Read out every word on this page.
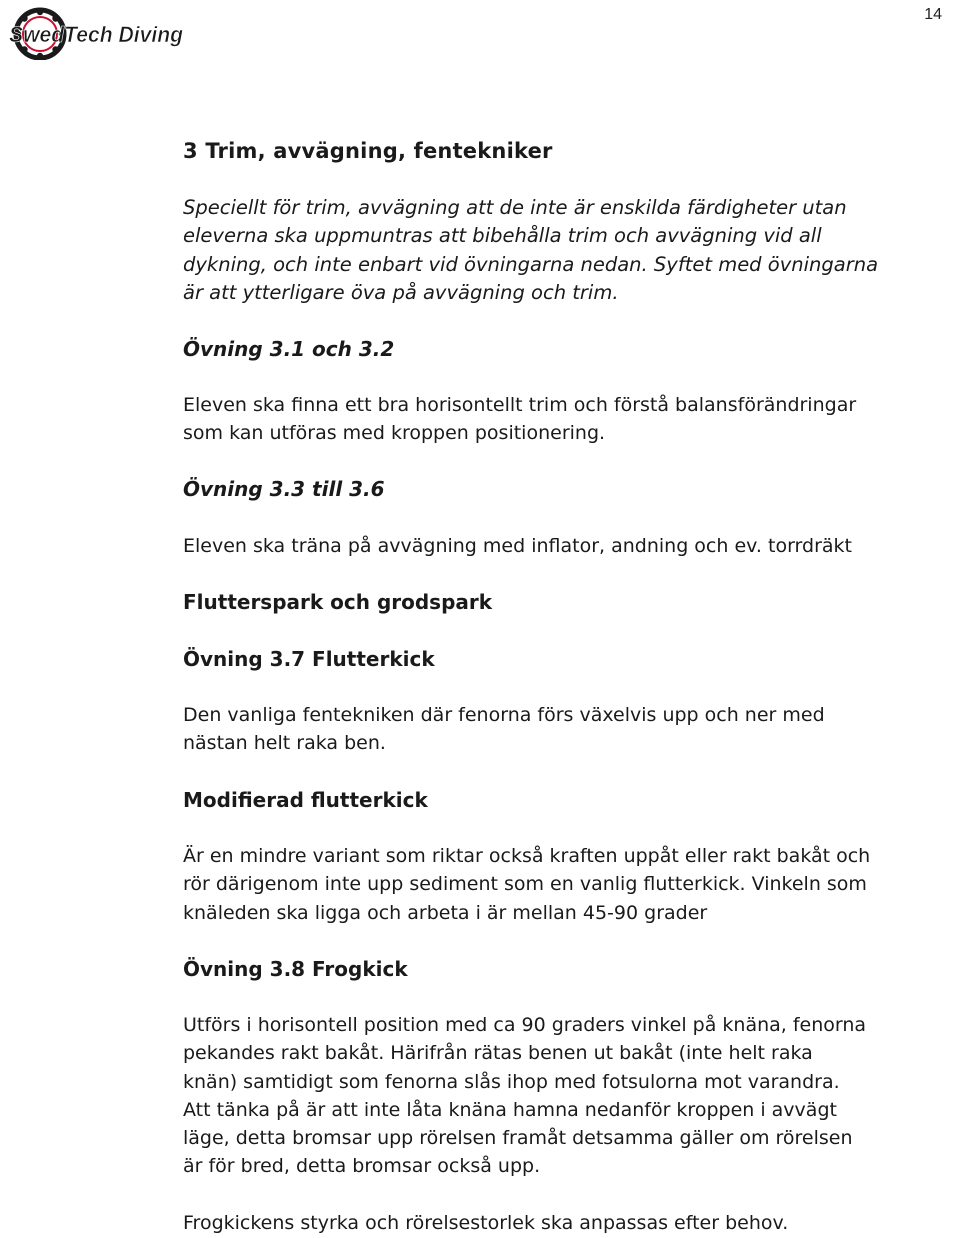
SwedTech Diving
14
3 Trim, avvägning, fentekniker
Speciellt för trim, avvägning att de inte är enskilda färdigheter utan
eleverna ska uppmuntras att bibehålla trim och avvägning vid all
dykning, och inte enbart vid övningarna nedan. Syftet med övningarna
är att ytterligare öva på avvägning och trim.
Övning 3.1 och 3.2
Eleven ska finna ett bra horisontellt trim och förstå balansförändringar
som kan utföras med kroppen positionering.
Övning 3.3 till 3.6
Eleven ska träna på avvägning med inflator, andning och ev. torrdräkt
Flutterspark och grodspark
Övning 3.7 Flutterkick
Den vanliga fentekniken där fenorna förs växelvis upp och ner med
nästan helt raka ben.
Modifierad flutterkick
Är en mindre variant som riktar också kraften uppåt eller rakt bakåt och
rör därigenom inte upp sediment som en vanlig flutterkick. Vinkeln som
knäleden ska ligga och arbeta i är mellan 45-90 grader
Övning 3.8 Frogkick
Utförs i horisontell position med ca 90 graders vinkel på knäna, fenorna
pekandes rakt bakåt. Härifrån rätas benen ut bakåt (inte helt raka
knän) samtidigt som fenorna slås ihop med fotsulorna mot varandra.
Att tänka på är att inte låta knäna hamna nedanför kroppen i avvägt
läge, detta bromsar upp rörelsen framåt detsamma gäller om rörelsen
är för bred, detta bromsar också upp.

Frogkickens styrka och rörelsestorlek ska anpassas efter behov.
